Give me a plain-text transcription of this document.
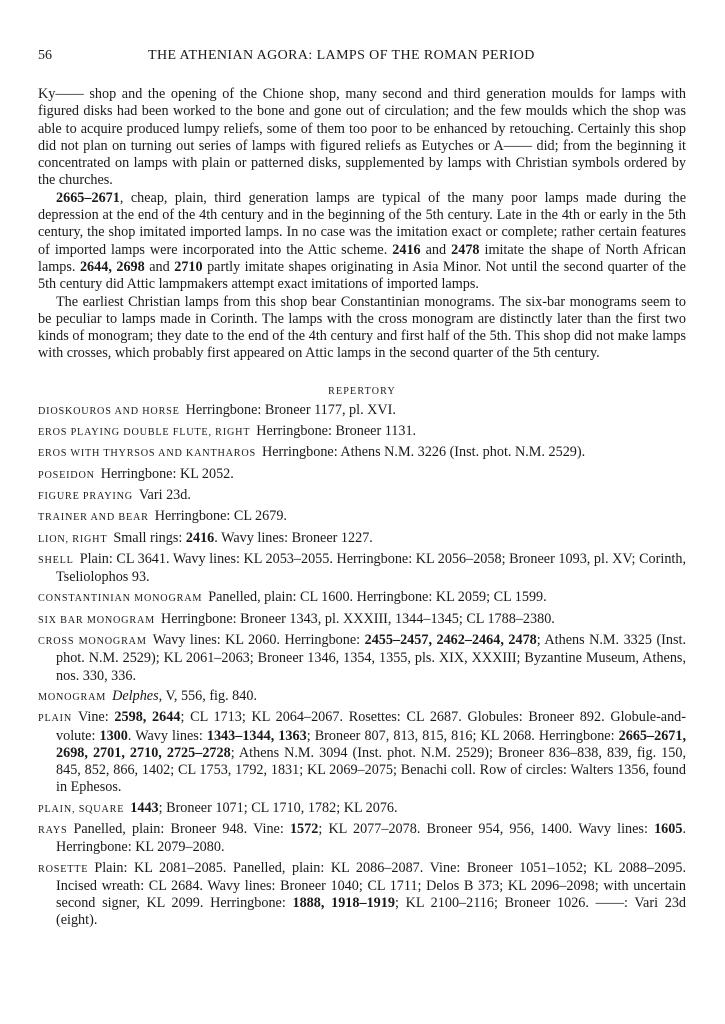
56	THE ATHENIAN AGORA: LAMPS OF THE ROMAN PERIOD

Ky—— shop and the opening of the Chione shop, many second and third generation moulds for lamps with figured disks had been worked to the bone and gone out of circulation; and the few moulds which the shop was able to acquire produced lumpy reliefs, some of them too poor to be enhanced by retouching. Certainly this shop did not plan on turning out series of lamps with figured reliefs as Eutyches or A—— did; from the beginning it concentrated on lamps with plain or patterned disks, supplemented by lamps with Christian symbols ordered by the churches.

2665–2671, cheap, plain, third generation lamps are typical of the many poor lamps made during the depression at the end of the 4th century and in the beginning of the 5th century. Late in the 4th or early in the 5th century, the shop imitated imported lamps. In no case was the imitation exact or complete; rather certain features of imported lamps were incorporated into the Attic scheme. 2416 and 2478 imitate the shape of North African lamps. 2644, 2698 and 2710 partly imitate shapes originating in Asia Minor. Not until the second quarter of the 5th century did Attic lampmakers attempt exact imitations of imported lamps.

The earliest Christian lamps from this shop bear Constantinian monograms. The six-bar monograms seem to be peculiar to lamps made in Corinth. The lamps with the cross monogram are distinctly later than the first two kinds of monogram; they date to the end of the 4th century and first half of the 5th. This shop did not make lamps with crosses, which probably first appeared on Attic lamps in the second quarter of the 5th century.

REPERTORY

DIOSKOUROS AND HORSE Herringbone: Broneer 1177, pl. XVI.

EROS PLAYING DOUBLE FLUTE, RIGHT Herringbone: Broneer 1131.

EROS WITH THYRSOS AND KANTHAROS Herringbone: Athens N.M. 3226 (Inst. phot. N.M. 2529).

POSEIDON Herringbone: KL 2052.

FIGURE PRAYING Vari 23d.

TRAINER AND BEAR Herringbone: CL 2679.

LION, RIGHT Small rings: 2416. Wavy lines: Broneer 1227.

SHELL Plain: CL 3641. Wavy lines: KL 2053–2055. Herringbone: KL 2056–2058; Broneer 1093, pl. XV; Corinth, Tseliolophos 93.

CONSTANTINIAN MONOGRAM Panelled, plain: CL 1600. Herringbone: KL 2059; CL 1599.

SIX BAR MONOGRAM Herringbone: Broneer 1343, pl. XXXIII, 1344–1345; CL 1788–2380.

CROSS MONOGRAM Wavy lines: KL 2060. Herringbone: 2455–2457, 2462–2464, 2478; Athens N.M. 3325 (Inst. phot. N.M. 2529); KL 2061–2063; Broneer 1346, 1354, 1355, pls. XIX, XXXIII; Byzantine Museum, Athens, nos. 330, 336.

MONOGRAM Delphes, V, 556, fig. 840.

PLAIN Vine: 2598, 2644; CL 1713; KL 2064–2067. Rosettes: CL 2687. Globules: Broneer 892. Globule-and-volute: 1300. Wavy lines: 1343–1344, 1363; Broneer 807, 813, 815, 816; KL 2068. Herringbone: 2665–2671, 2698, 2701, 2710, 2725–2728; Athens N.M. 3094 (Inst. phot. N.M. 2529); Broneer 836–838, 839, fig. 150, 845, 852, 866, 1402; CL 1753, 1792, 1831; KL 2069–2075; Benachi coll. Row of circles: Walters 1356, found in Ephesos.

PLAIN, SQUARE 1443; Broneer 1071; CL 1710, 1782; KL 2076.

RAYS Panelled, plain: Broneer 948. Vine: 1572; KL 2077–2078. Broneer 954, 956, 1400. Wavy lines: 1605. Herringbone: KL 2079–2080.

ROSETTE Plain: KL 2081–2085. Panelled, plain: KL 2086–2087. Vine: Broneer 1051–1052; KL 2088–2095. Incised wreath: CL 2684. Wavy lines: Broneer 1040; CL 1711; Delos B 373; KL 2096–2098; with uncertain second signer, KL 2099. Herringbone: 1888, 1918–1919; KL 2100–2116; Broneer 1026. ——: Vari 23d (eight).
